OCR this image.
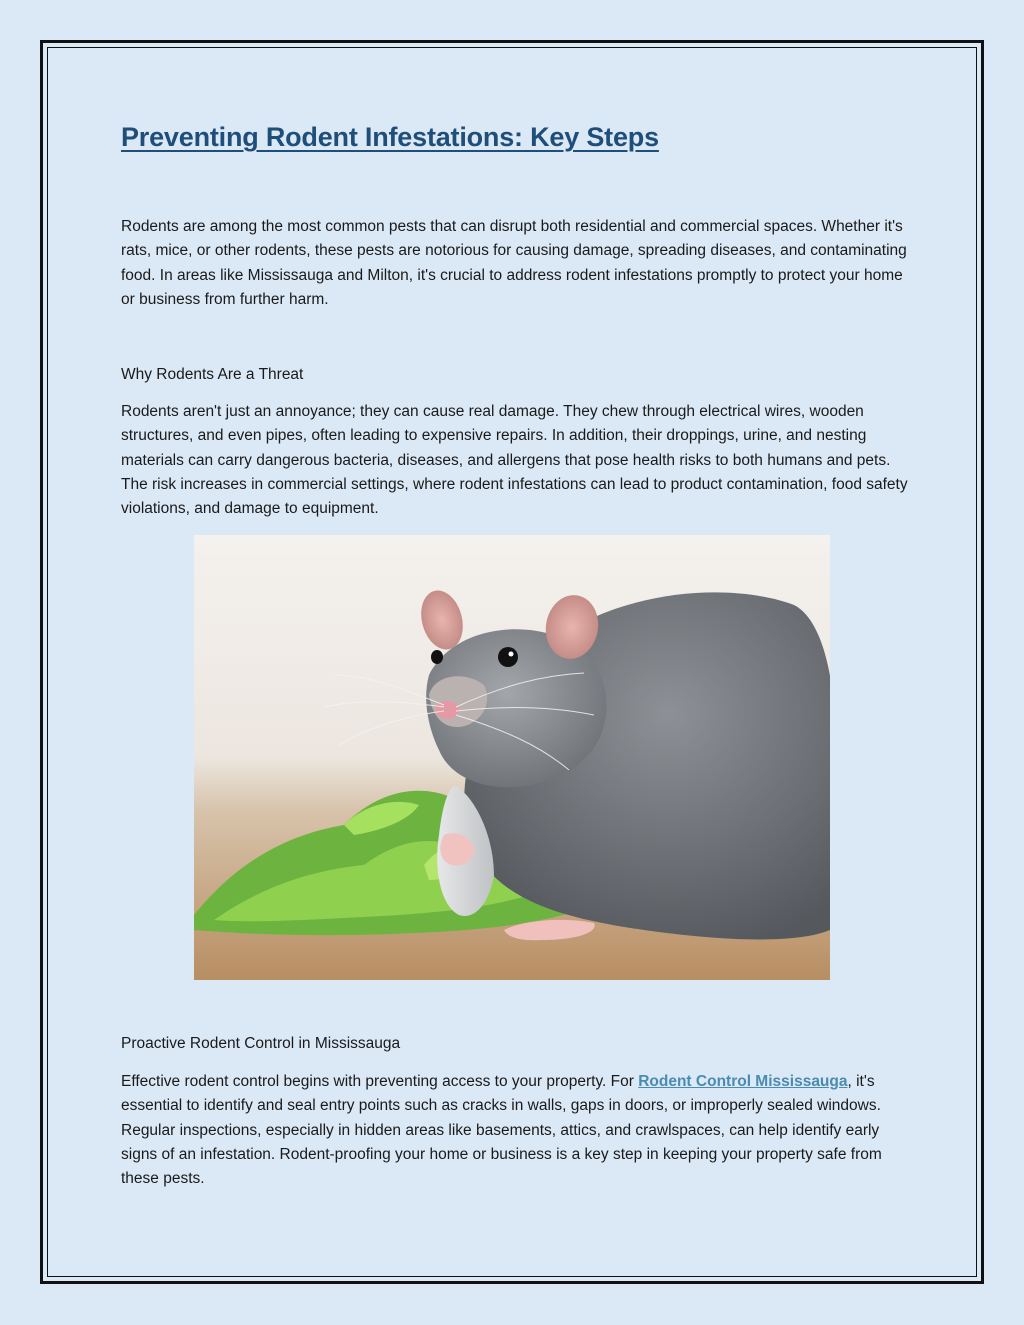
Preventing Rodent Infestations: Key Steps

Rodents are among the most common pests that can disrupt both residential and commercial spaces. Whether it's rats, mice, or other rodents, these pests are notorious for causing damage, spreading diseases, and contaminating food. In areas like Mississauga and Milton, it's crucial to address rodent infestations promptly to protect your home or business from further harm.

Why Rodents Are a Threat

Rodents aren't just an annoyance; they can cause real damage. They chew through electrical wires, wooden structures, and even pipes, often leading to expensive repairs. In addition, their droppings, urine, and nesting materials can carry dangerous bacteria, diseases, and allergens that pose health risks to both humans and pets. The risk increases in commercial settings, where rodent infestations can lead to product contamination, food safety violations, and damage to equipment.

Proactive Rodent Control in Mississauga

Effective rodent control begins with preventing access to your property. For Rodent Control Mississauga, it's essential to identify and seal entry points such as cracks in walls, gaps in doors, or improperly sealed windows. Regular inspections, especially in hidden areas like basements, attics, and crawlspaces, can help identify early signs of an infestation. Rodent-proofing your home or business is a key step in keeping your property safe from these pests.
